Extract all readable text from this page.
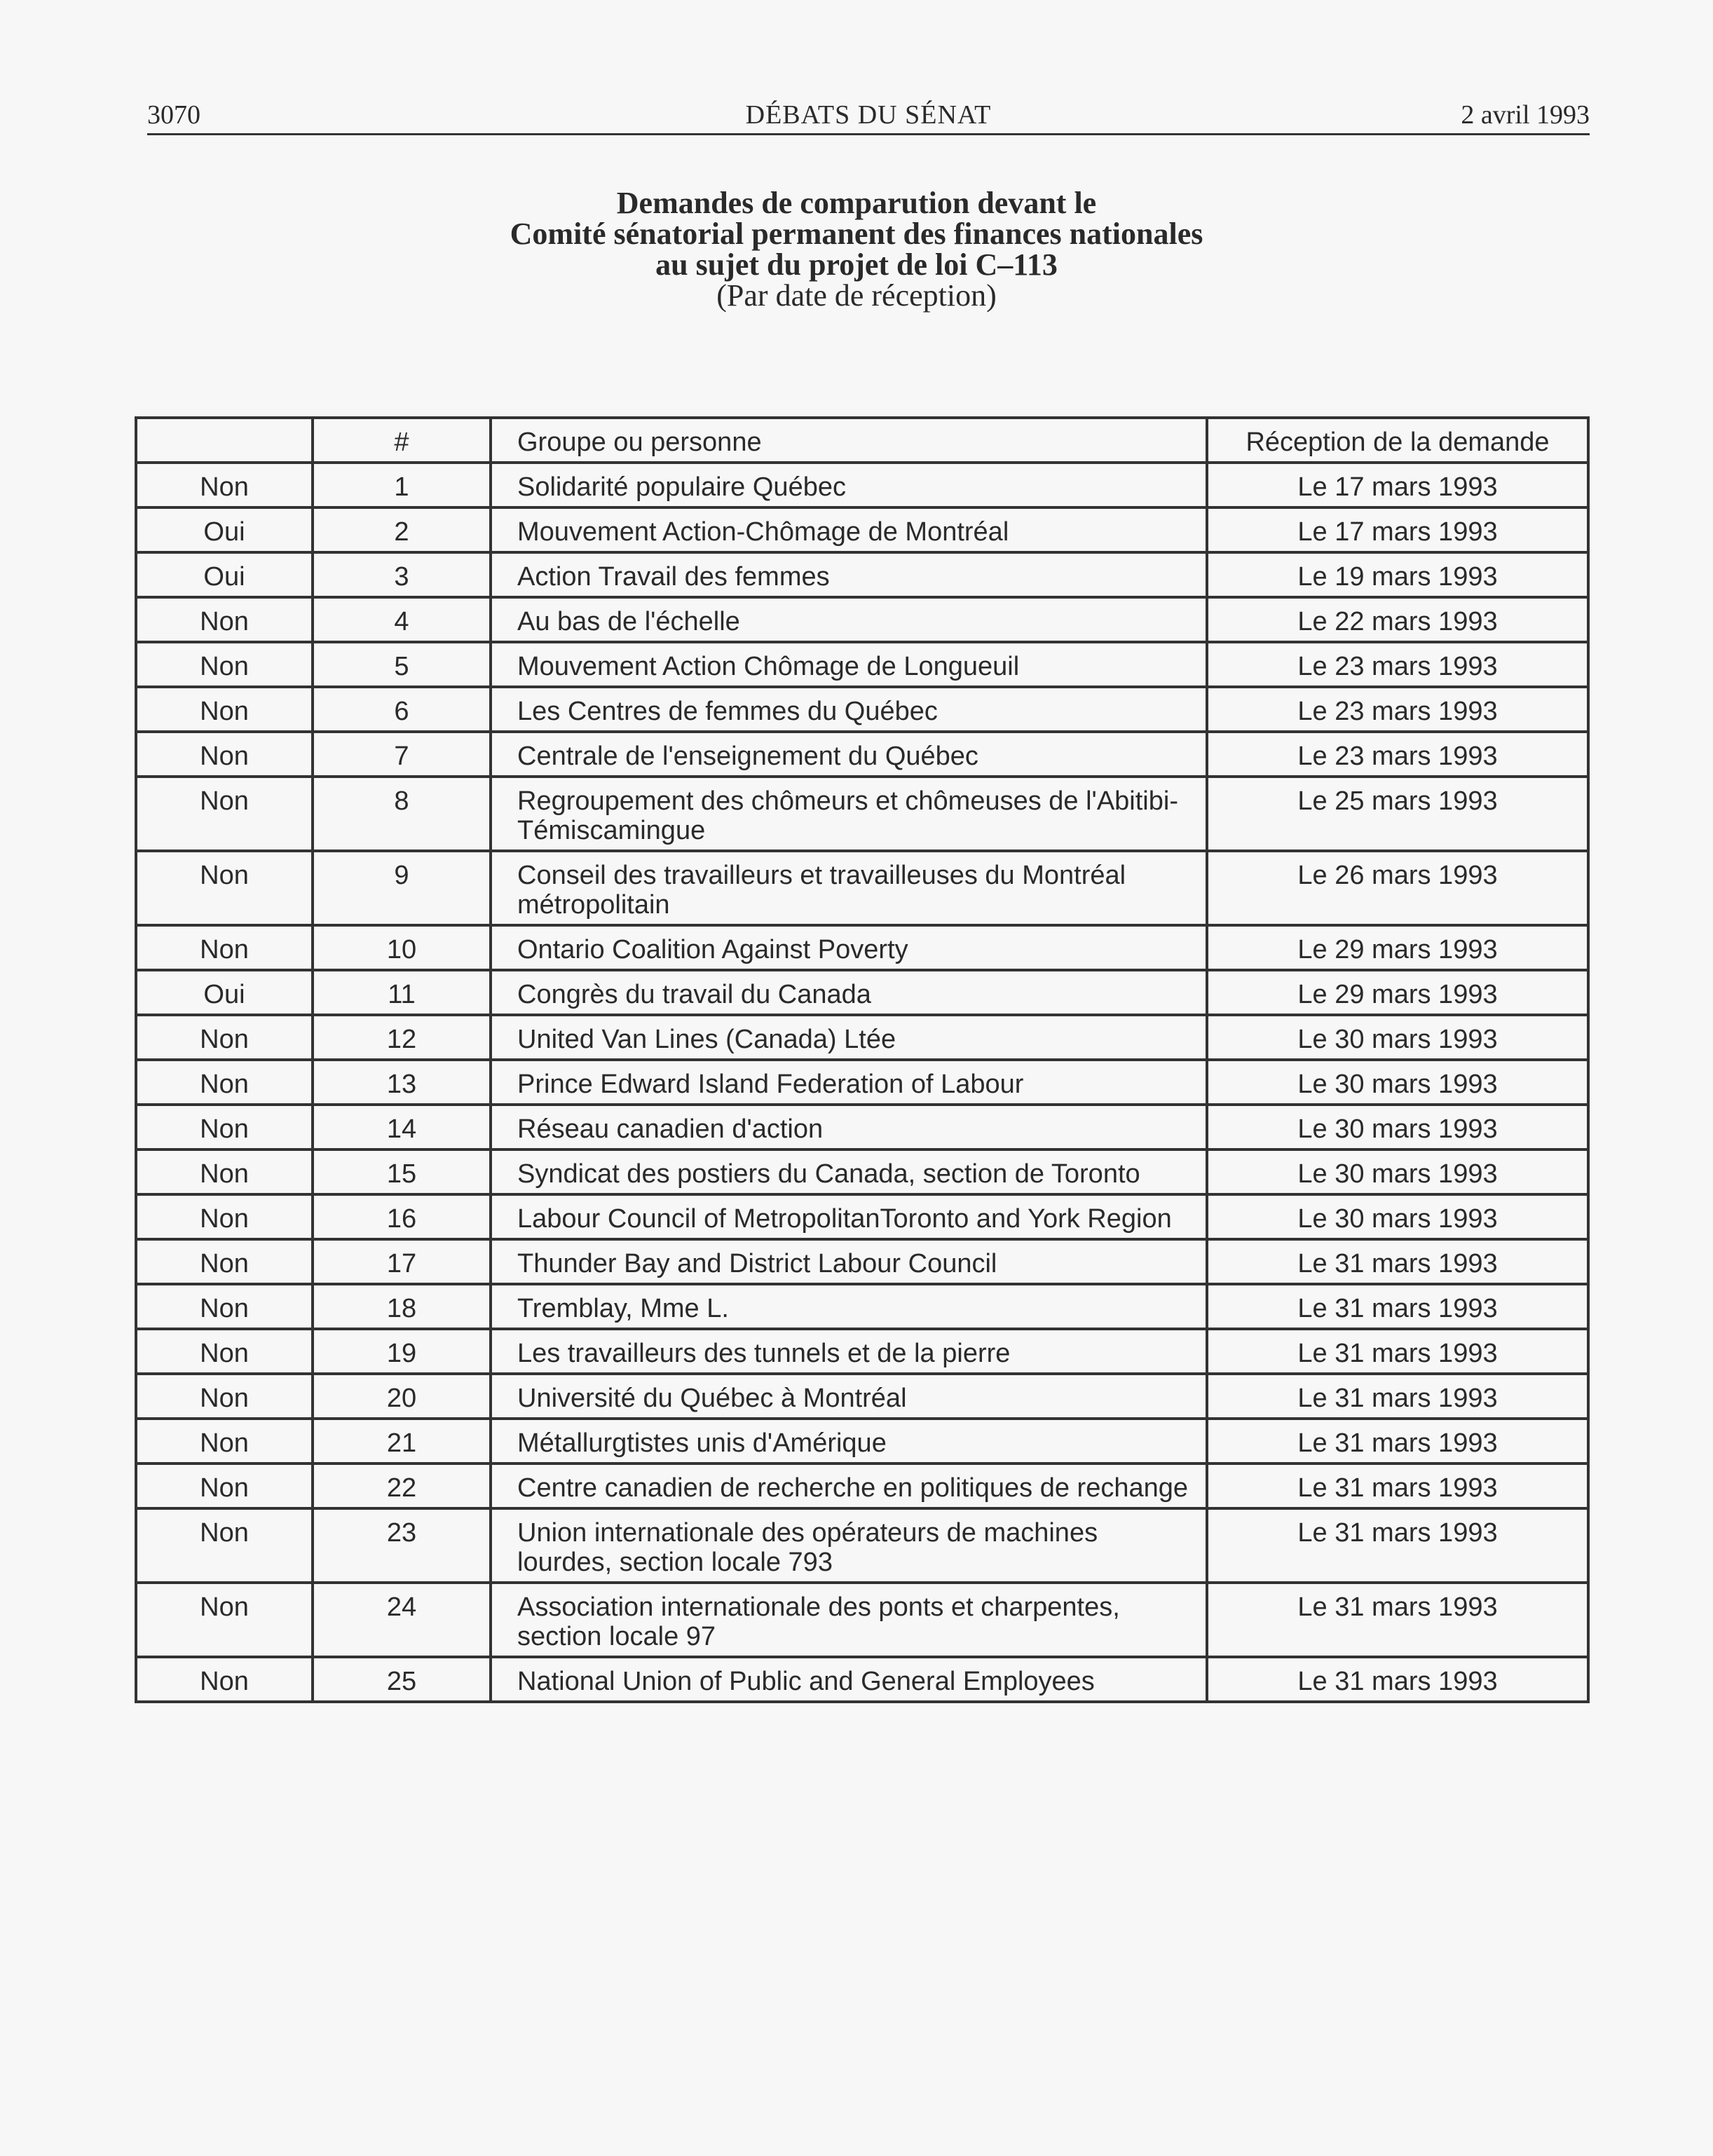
3070	DÉBATS DU SÉNAT	2 avril 1993
Demandes de comparution devant le
Comité sénatorial permanent des finances nationales
au sujet du projet de loi C–113
(Par date de réception)
	#	Groupe ou personne	Réception de la demande
Non	1	Solidarité populaire Québec	Le 17 mars 1993
Oui	2	Mouvement Action-Chômage de Montréal	Le 17 mars 1993
Oui	3	Action Travail des femmes	Le 19 mars 1993
Non	4	Au bas de l'échelle	Le 22 mars 1993
Non	5	Mouvement Action Chômage de Longueuil	Le 23 mars 1993
Non	6	Les Centres de femmes du Québec	Le 23 mars 1993
Non	7	Centrale de l'enseignement du Québec	Le 23 mars 1993
Non	8	Regroupement des chômeurs et chômeuses de l'Abitibi-Témiscamingue	Le 25 mars 1993
Non	9	Conseil des travailleurs et travailleuses du Montréal métropolitain	Le 26 mars 1993
Non	10	Ontario Coalition Against Poverty	Le 29 mars 1993
Oui	11	Congrès du travail du Canada	Le 29 mars 1993
Non	12	United Van Lines (Canada) Ltée	Le 30 mars 1993
Non	13	Prince Edward Island Federation of Labour	Le 30 mars 1993
Non	14	Réseau canadien d'action	Le 30 mars 1993
Non	15	Syndicat des postiers du Canada, section de Toronto	Le 30 mars 1993
Non	16	Labour Council of MetropolitanToronto and York Region	Le 30 mars 1993
Non	17	Thunder Bay and District Labour Council	Le 31 mars 1993
Non	18	Tremblay, Mme L.	Le 31 mars 1993
Non	19	Les travailleurs des tunnels et de la pierre	Le 31 mars 1993
Non	20	Université du Québec à Montréal	Le 31 mars 1993
Non	21	Métallurgtistes unis d'Amérique	Le 31 mars 1993
Non	22	Centre canadien de recherche en politiques de rechange	Le 31 mars 1993
Non	23	Union internationale des opérateurs de machines lourdes, section locale 793	Le 31 mars 1993
Non	24	Association internationale des ponts et charpentes, section locale 97	Le 31 mars 1993
Non	25	National Union of Public and General Employees	Le 31 mars 1993
